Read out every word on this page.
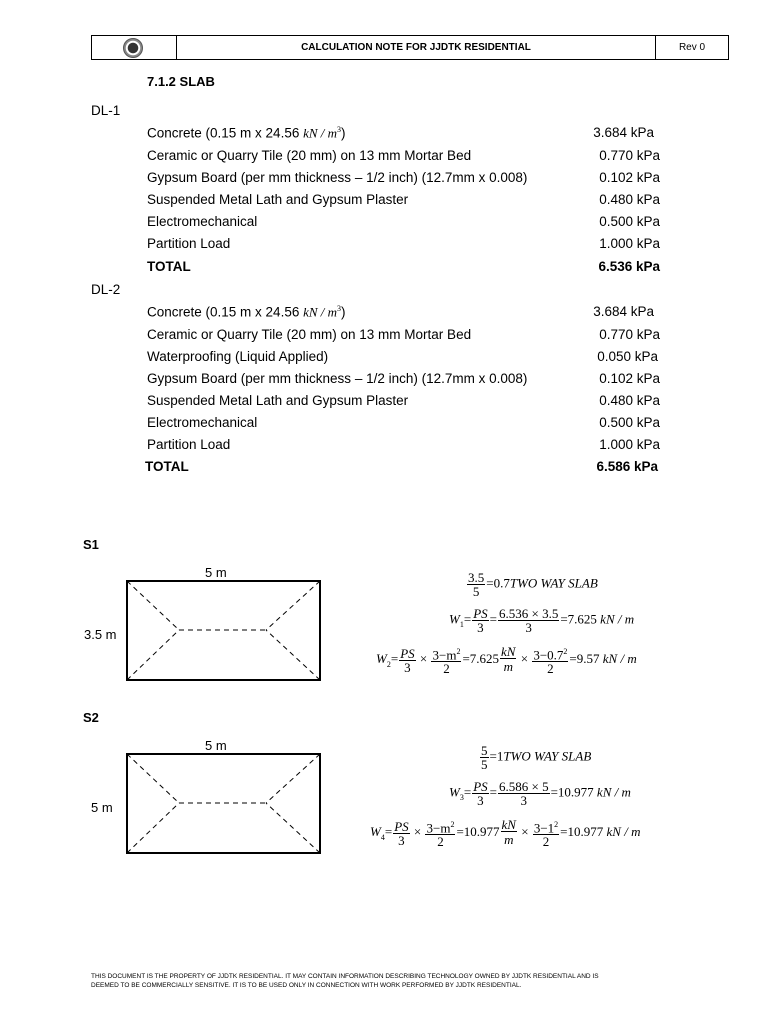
CALCULATION NOTE FOR JJDTK RESIDENTIAL	Rev 0
7.1.2 SLAB
DL-1
Concrete (0.15 m x 24.56 kN / $m^3$)	3.684 kPa
Ceramic or Quarry Tile (20 mm) on 13 mm Mortar Bed	0.770 kPa
Gypsum Board (per mm thickness – 1/2 inch) (12.7mm x 0.008)	0.102 kPa
Suspended Metal Lath and Gypsum Plaster	0.480 kPa
Electromechanical	0.500 kPa
Partition Load	1.000 kPa
TOTAL	6.536 kPa
DL-2
Concrete (0.15 m x 24.56 kN / $m^3$)	3.684 kPa
Ceramic or Quarry Tile (20 mm) on 13 mm Mortar Bed	0.770 kPa
Waterproofing (Liquid Applied)	0.050 kPa
Gypsum Board (per mm thickness – 1/2 inch) (12.7mm x 0.008)	0.102 kPa
Suspended Metal Lath and Gypsum Plaster	0.480 kPa
Electromechanical	0.500 kPa
Partition Load	1.000 kPa
TOTAL	6.586 kPa
S1
5 m
3.5 m
$\frac{3.5}{5} =0.7TWO$ WAY SLAB
$W_1= \frac{PS}{3} = \frac{6.536 \times 3.5}{3} =7.625$ kN / m
$W_2= \frac{PS}{3} \times \frac{3-m^2}{2} =7.625 \frac{kN}{m} \times \frac{3-0.7^2}{2} =9.57$ kN / m
S2
5 m
5 m
$\frac{5}{5} =1TWO$ WAY SLAB
$W_3= \frac{PS}{3} = \frac{6.586 \times 5}{3} =10.977$ kN / m
$W_4= \frac{PS}{3} \times \frac{3-m^2}{2} =10.977 \frac{kN}{m} \times \frac{3-1^2}{2} =10.977$ kN / m
THIS DOCUMENT IS THE PROPERTY OF JJDTK RESIDENTIAL. IT MAY CONTAIN INFORMATION DESCRIBING TECHNOLOGY OWNED BY JJDTK RESIDENTIAL AND IS
DEEMED TO BE COMMERCIALLY SENSITIVE. IT IS TO BE USED ONLY IN CONNECTION WITH WORK PERFORMED BY JJDTK RESIDENTIAL.
